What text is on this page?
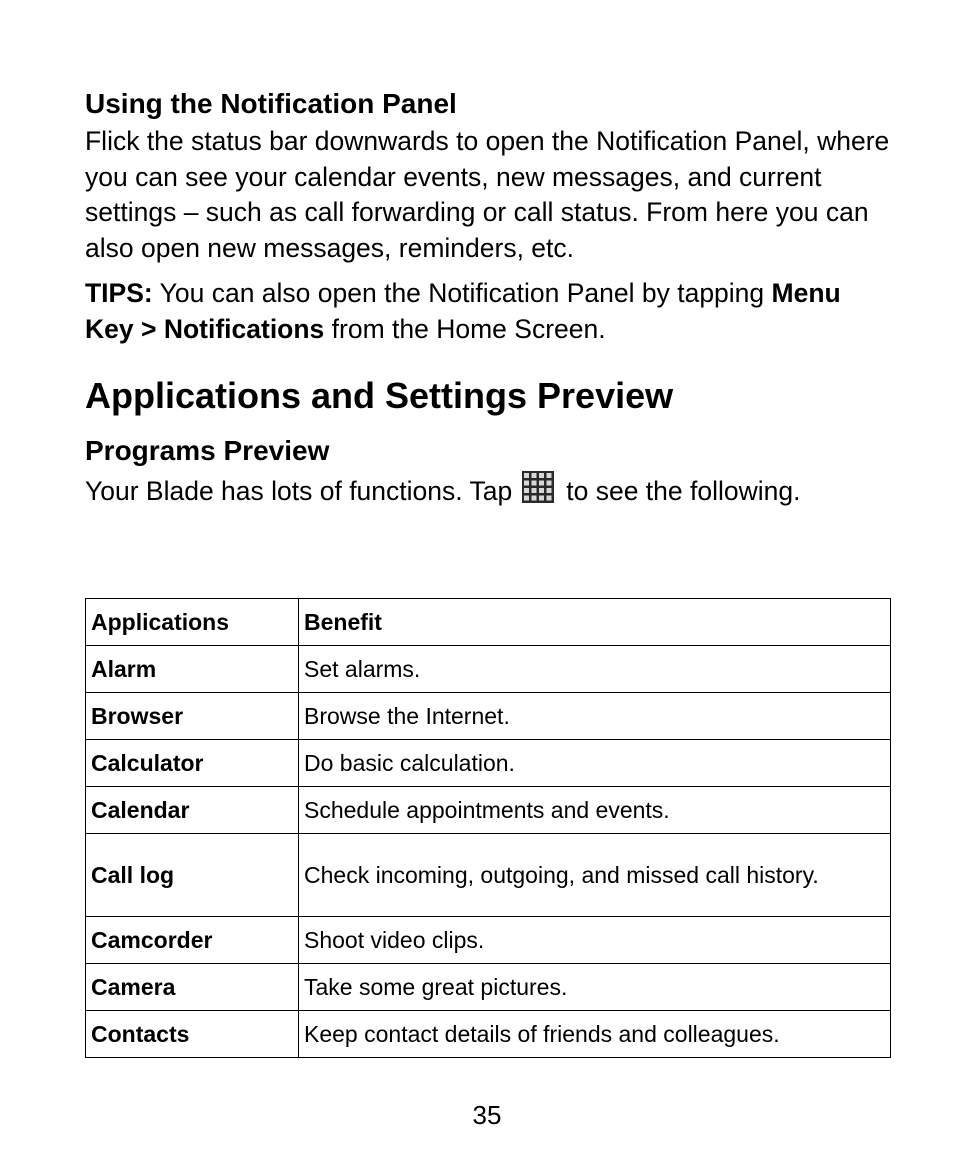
Using the Notification Panel

Flick the status bar downwards to open the Notification Panel, where you can see your calendar events, new messages, and current settings – such as call forwarding or call status. From here you can also open new messages, reminders, etc.

TIPS: You can also open the Notification Panel by tapping Menu Key > Notifications from the Home Screen.

Applications and Settings Preview
Programs Preview

Your Blade has lots of functions. Tap to see the following.

Applications	Benefit
Alarm	Set alarms.
Browser	Browse the Internet.
Calculator	Do basic calculation.
Calendar	Schedule appointments and events.
Call log	Check incoming, outgoing, and missed call history.
Camcorder	Shoot video clips.
Camera	Take some great pictures.
Contacts	Keep contact details of friends and colleagues.
35
